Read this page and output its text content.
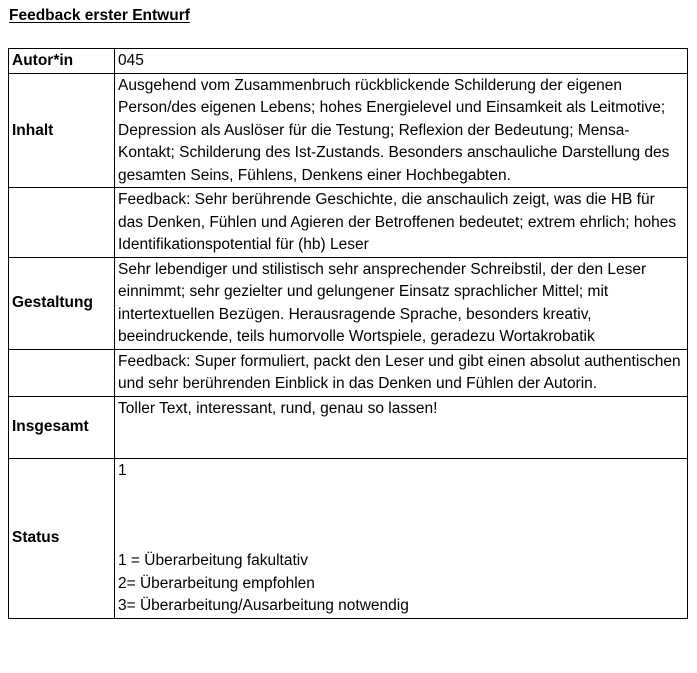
Feedback erster Entwurf
Autor*in	045
Inhalt	Ausgehend vom Zusammenbruch rückblickende Schilderung der eigenen Person/des eigenen Lebens; hohes Energielevel und Einsamkeit als Leitmotive; Depression als Auslöser für die Testung; Reflexion der Bedeutung; Mensa-Kontakt; Schilderung des Ist-Zustands. Besonders anschauliche Darstellung des gesamten Seins, Fühlens, Denkens einer Hochbegabten.
	Feedback: Sehr berührende Geschichte, die anschaulich zeigt, was die HB für das Denken, Fühlen und Agieren der Betroffenen bedeutet; extrem ehrlich; hohes Identifikationspotential für (hb) Leser
Gestaltung	Sehr lebendiger und stilistisch sehr ansprechender Schreibstil, der den Leser einnimmt; sehr gezielter und gelungener Einsatz sprachlicher Mittel; mit intertextuellen Bezügen. Herausragende Sprache, besonders kreativ, beeindruckende, teils humorvolle Wortspiele, geradezu Wortakrobatik
	Feedback: Super formuliert, packt den Leser und gibt einen absolut authentischen und sehr berührenden Einblick in das Denken und Fühlen der Autorin.
Insgesamt	Toller Text, interessant, rund, genau so lassen!
Status	1
1 = Überarbeitung fakultativ
2= Überarbeitung empfohlen
3= Überarbeitung/Ausarbeitung notwendig
